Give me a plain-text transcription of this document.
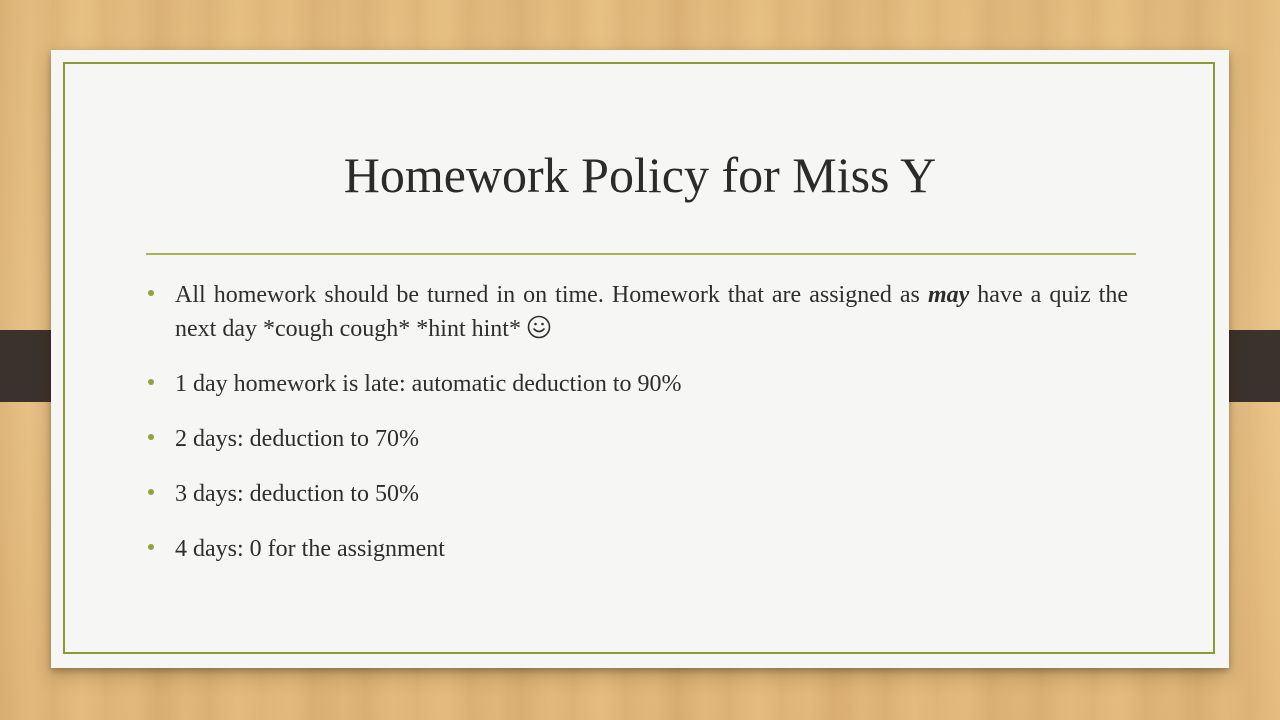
Homework Policy for Miss Y
All homework should be turned in on time. Homework that are assigned as may have a quiz the next day *cough cough* *hint hint*
1 day homework is late: automatic deduction to 90%
2 days: deduction to 70%
3 days: deduction to 50%
4 days: 0 for the assignment
